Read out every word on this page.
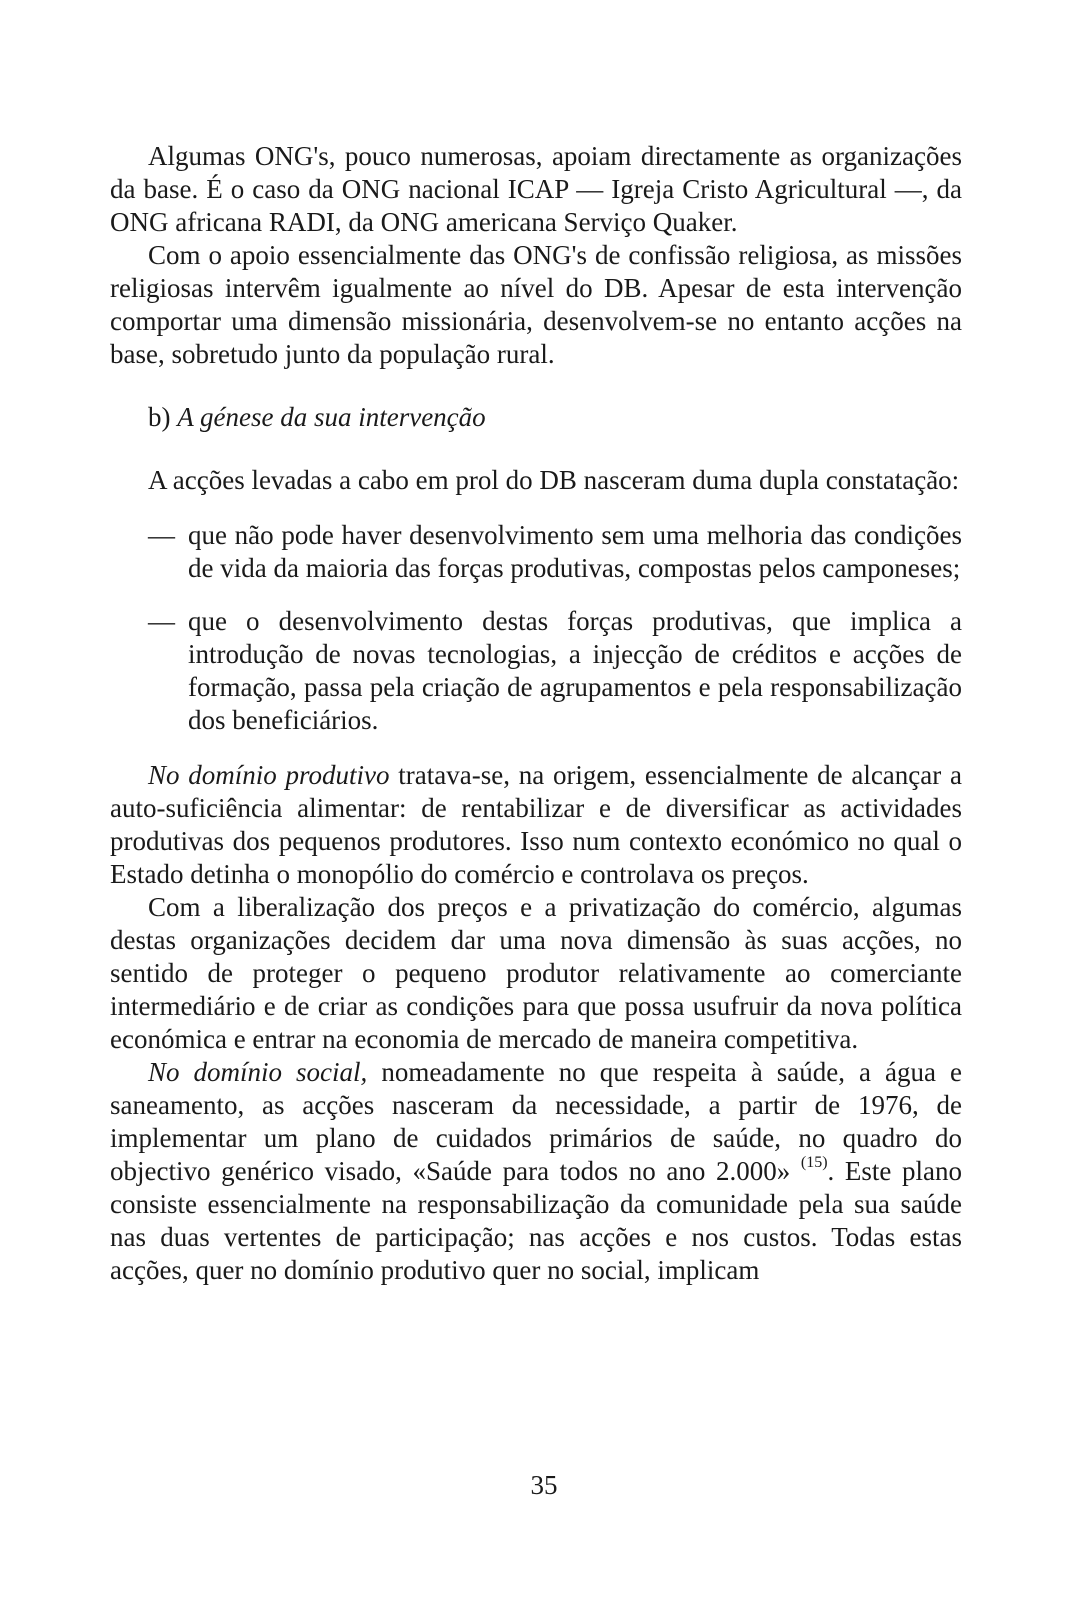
Algumas ONG's, pouco numerosas, apoiam directamente as organizações da base. É o caso da ONG nacional ICAP — Igreja Cristo Agricultural —, da ONG africana RADI, da ONG americana Serviço Quaker.

Com o apoio essencialmente das ONG's de confissão religiosa, as missões religiosas intervêm igualmente ao nível do DB. Apesar de esta intervenção comportar uma dimensão missionária, desenvolvem-se no entanto acções na base, sobretudo junto da população rural.

b) A génese da sua intervenção

A acções levadas a cabo em prol do DB nasceram duma dupla constatação:

— que não pode haver desenvolvimento sem uma melhoria das condições de vida da maioria das forças produtivas, compostas pelos camponeses;
— que o desenvolvimento destas forças produtivas, que implica a introdução de novas tecnologias, a injecção de créditos e acções de formação, passa pela criação de agrupamentos e pela responsabilização dos beneficiários.

No domínio produtivo tratava-se, na origem, essencialmente de alcançar a auto-suficiência alimentar: de rentabilizar e de diversificar as actividades produtivas dos pequenos produtores. Isso num contexto económico no qual o Estado detinha o monopólio do comércio e controlava os preços.

Com a liberalização dos preços e a privatização do comércio, algumas destas organizações decidem dar uma nova dimensão às suas acções, no sentido de proteger o pequeno produtor relativamente ao comerciante intermediário e de criar as condições para que possa usufruir da nova política económica e entrar na economia de mercado de maneira competitiva.

No domínio social, nomeadamente no que respeita à saúde, a água e saneamento, as acções nasceram da necessidade, a partir de 1976, de implementar um plano de cuidados primários de saúde, no quadro do objectivo genérico visado, «Saúde para todos no ano 2.000» $^{(15)}$. Este plano consiste essencialmente na responsabilização da comunidade pela sua saúde nas duas vertentes de participação; nas acções e nos custos. Todas estas acções, quer no domínio produtivo quer no social, implicam

35
